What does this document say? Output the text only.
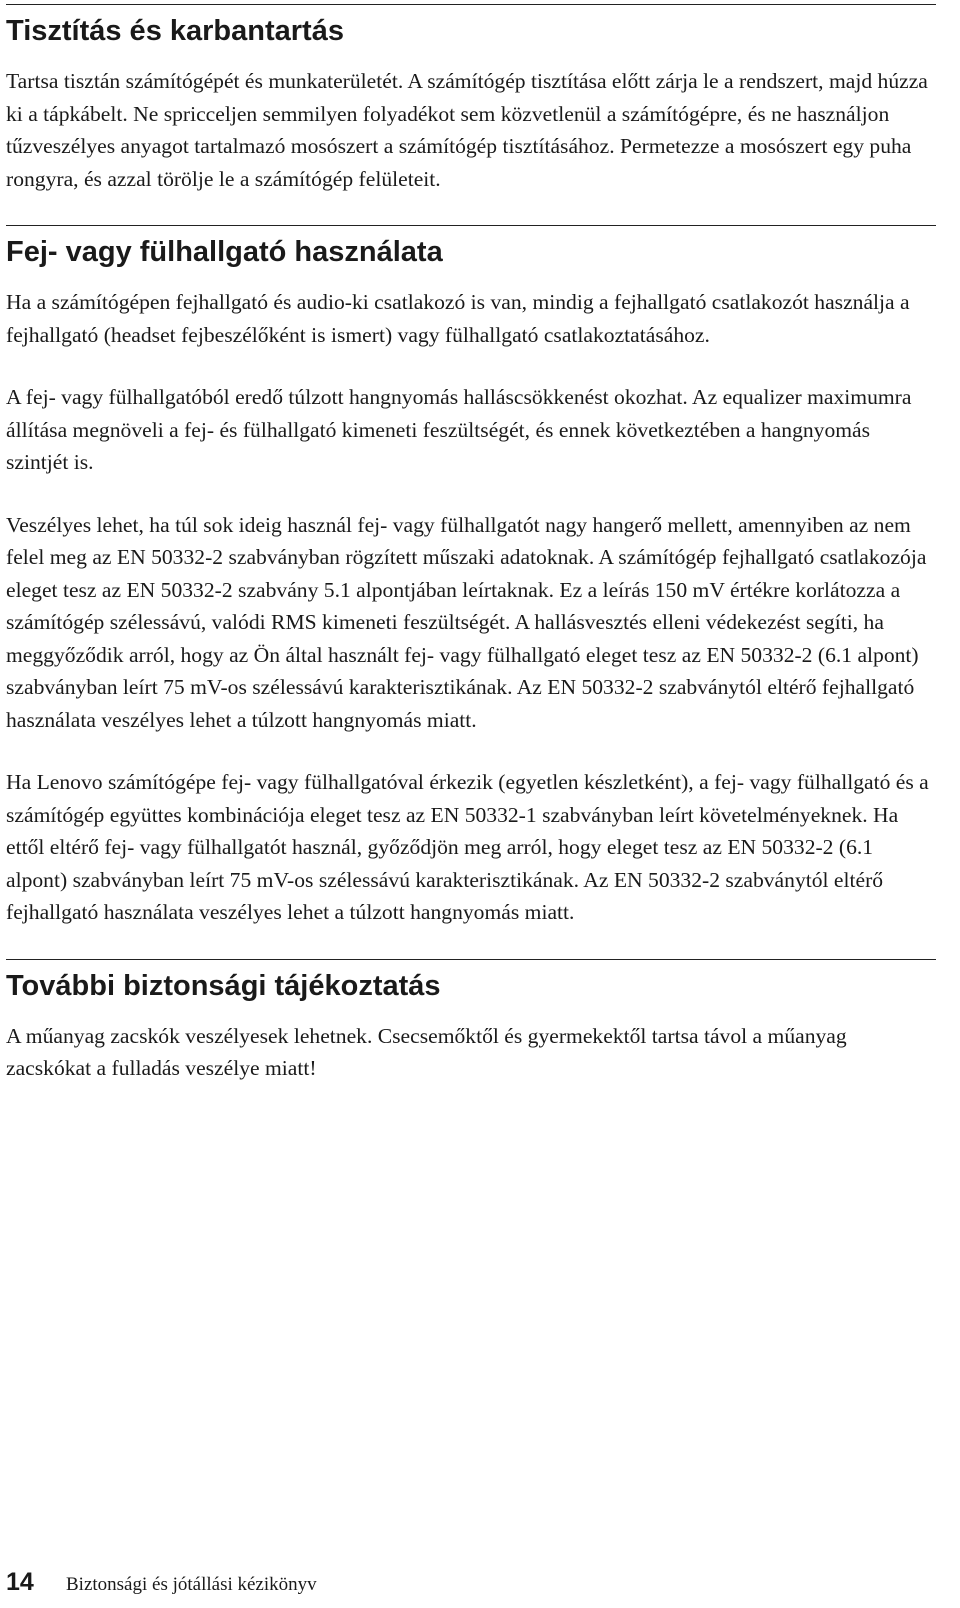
Tisztítás és karbantartás

Tartsa tisztán számítógépét és munkaterületét. A számítógép tisztítása előtt zárja le a rendszert, majd húzza ki a tápkábelt. Ne spricceljen semmilyen folyadékot sem közvetlenül a számítógépre, és ne használjon tűzveszélyes anyagot tartalmazó mosószert a számítógép tisztításához. Permetezze a mosószert egy puha rongyra, és azzal törölje le a számítógép felületeit.

Fej- vagy fülhallgató használata

Ha a számítógépen fejhallgató és audio-ki csatlakozó is van, mindig a fejhallgató csatlakozót használja a fejhallgató (headset fejbeszélőként is ismert) vagy fülhallgató csatlakoztatásához.

A fej- vagy fülhallgatóból eredő túlzott hangnyomás halláscsökkenést okozhat. Az equalizer maximumra állítása megnöveli a fej- és fülhallgató kimeneti feszültségét, és ennek következtében a hangnyomás szintjét is.

Veszélyes lehet, ha túl sok ideig használ fej- vagy fülhallgatót nagy hangerő mellett, amennyiben az nem felel meg az EN 50332-2 szabványban rögzített műszaki adatoknak. A számítógép fejhallgató csatlakozója eleget tesz az EN 50332-2 szabvány 5.1 alpontjában leírtaknak. Ez a leírás 150 mV értékre korlátozza a számítógép szélessávú, valódi RMS kimeneti feszültségét. A hallásvesztés elleni védekezést segíti, ha meggyőződik arról, hogy az Ön által használt fej- vagy fülhallgató eleget tesz az EN 50332-2 (6.1 alpont) szabványban leírt 75 mV-os szélessávú karakterisztikának. Az EN 50332-2 szabványtól eltérő fejhallgató használata veszélyes lehet a túlzott hangnyomás miatt.

Ha Lenovo számítógépe fej- vagy fülhallgatóval érkezik (egyetlen készletként), a fej- vagy fülhallgató és a számítógép együttes kombinációja eleget tesz az EN 50332-1 szabványban leírt követelményeknek. Ha ettől eltérő fej- vagy fülhallgatót használ, győződjön meg arról, hogy eleget tesz az EN 50332-2 (6.1 alpont) szabványban leírt 75 mV-os szélessávú karakterisztikának. Az EN 50332-2 szabványtól eltérő fejhallgató használata veszélyes lehet a túlzott hangnyomás miatt.

További biztonsági tájékoztatás

A műanyag zacskók veszélyesek lehetnek. Csecsemőktől és gyermekektől tartsa távol a műanyag zacskókat a fulladás veszélye miatt!

14	Biztonsági és jótállási kézikönyv
